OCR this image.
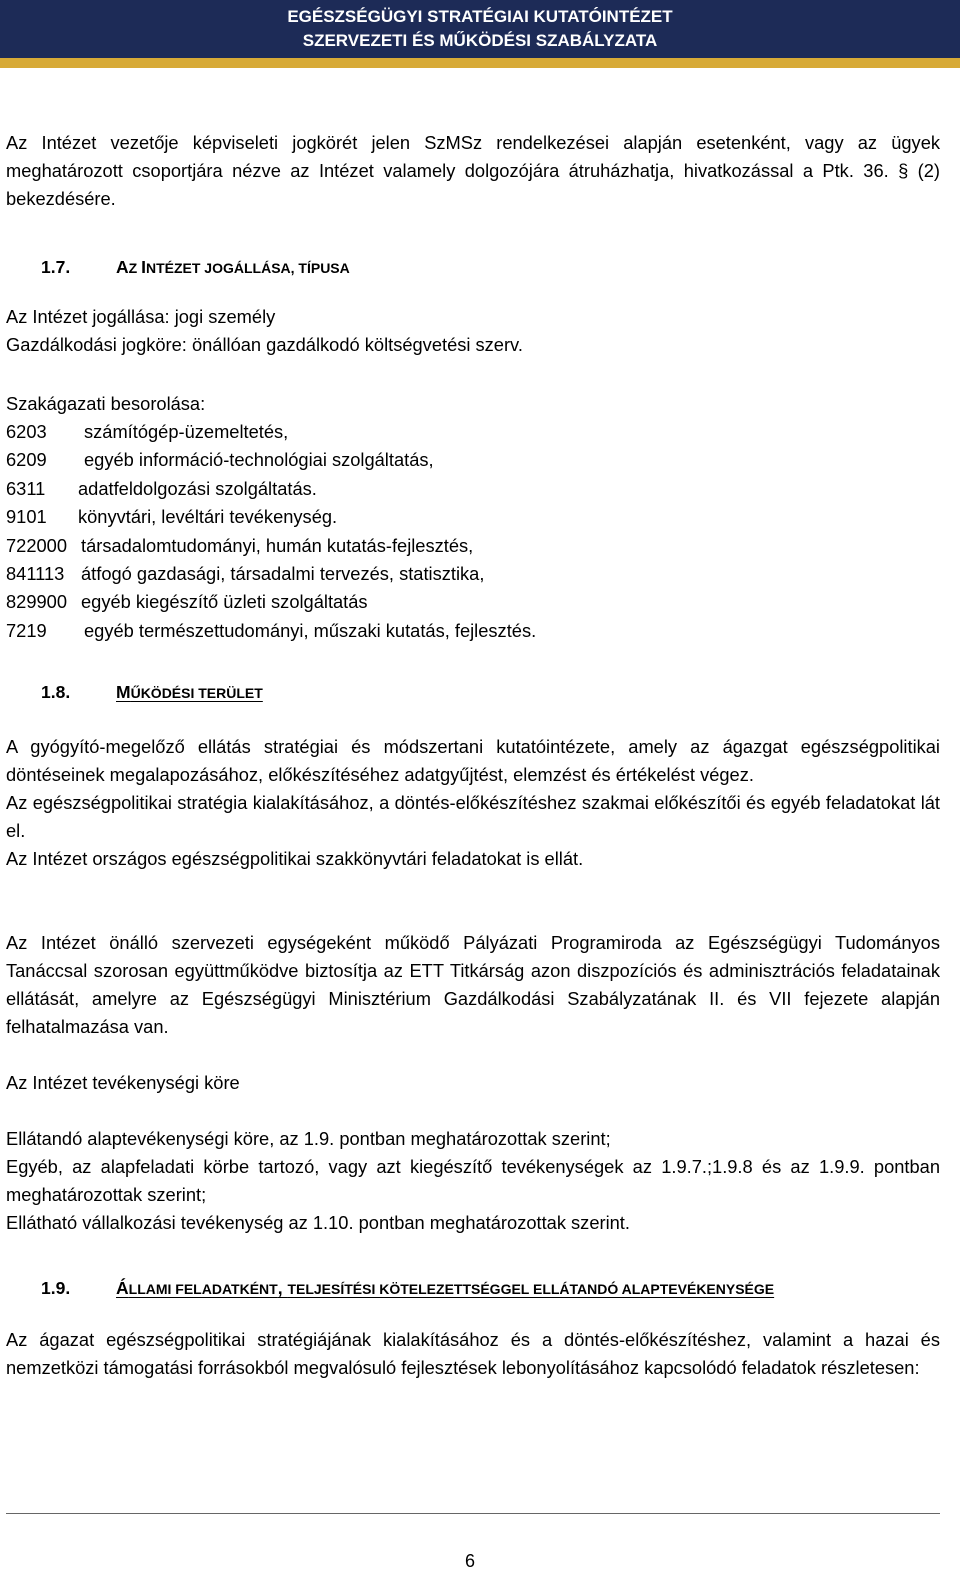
EGÉSZSÉGÜGYI STRATÉGIAI KUTATÓINTÉZET
SZERVEZETI ÉS MŰKÖDÉSI SZABÁLYZATA

Az Intézet vezetője képviseleti jogkörét jelen SzMSz rendelkezései alapján esetenként, vagy az ügyek meghatározott csoportjára nézve az Intézet valamely dolgozójára átruházhatja, hivatkozással a Ptk. 36. § (2) bekezdésére.

1.7.	AZ INTÉZET JOGÁLLÁSA, TÍPUSA

Az Intézet jogállása: jogi személy

Gazdálkodási jogköre: önállóan gazdálkodó költségvetési szerv.

Szakágazati besorolása:

6203 számítógép-üzemeltetés,
6209 egyéb információ-technológiai szolgáltatás,
6311 adatfeldolgozási szolgáltatás.
9101 könyvtári, levéltári tevékenység.
722000 társadalomtudományi, humán kutatás-fejlesztés,
841113 átfogó gazdasági, társadalmi tervezés, statisztika,
829900 egyéb kiegészítő üzleti szolgáltatás
7219 egyéb természettudományi, műszaki kutatás, fejlesztés.
1.8.	MŰKÖDÉSI TERÜLET

A gyógyító-megelőző ellátás stratégiai és módszertani kutatóintézete, amely az ágazgat egészségpolitikai döntéseinek megalapozásához, előkészítéséhez adatgyűjtést, elemzést és értékelést végez.

Az egészségpolitikai stratégia kialakításához, a döntés-előkészítéshez szakmai előkészítői és egyéb feladatokat lát el.

Az Intézet országos egészségpolitikai szakkönyvtári feladatokat is ellát.

Az Intézet önálló szervezeti egységeként működő Pályázati Programiroda az Egészségügyi Tudományos Tanáccsal szorosan együttműködve biztosítja az ETT Titkárság azon diszpozíciós és adminisztrációs feladatainak ellátását, amelyre az Egészségügyi Minisztérium Gazdálkodási Szabályzatának II. és VII fejezete alapján felhatalmazása van.

Az Intézet tevékenységi köre

Ellátandó alaptevékenységi köre, az 1.9. pontban meghatározottak szerint;

Egyéb, az alapfeladati körbe tartozó, vagy azt kiegészítő tevékenységek az 1.9.7.;1.9.8 és az 1.9.9. pontban meghatározottak szerint;

Ellátható vállalkozási tevékenység az 1.10. pontban meghatározottak szerint.

1.9.	ÁLLAMI FELADATKÉNT, TELJESÍTÉSI KÖTELEZETTSÉGGEL ELLÁTANDÓ ALAPTEVÉKENYSÉGE

Az ágazat egészségpolitikai stratégiájának kialakításához és a döntés-előkészítéshez, valamint a hazai és nemzetközi támogatási forrásokból megvalósuló fejlesztések lebonyolításához kapcsolódó feladatok részletesen:

6
